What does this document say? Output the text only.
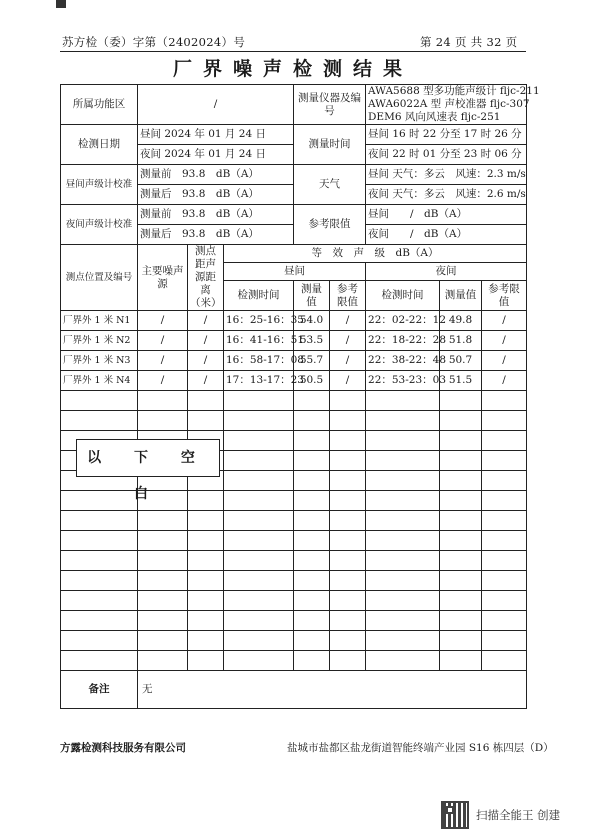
苏方检（委）字第（2402024）号	第 24 页 共 32 页
厂界噪声检测结果
所属功能区	/			测量仪器及编号		AWA5688 型多功能声级计 fljc-211
AWA6022A 型 声校准器 fljc-307
DEM6 风向风速表 fljc-251		

检测日期	昼间 2024 年 01 月 24 日			测量时间		昼间 16 时 22 分至 17 时 26 分		
	夜间 2024 年 01 月 24 日					夜间 22 时 01 分至 23 时 06 分		
昼间声级计校准	测量前　93.8　dB（A）			天气		昼间 天气：多云　风速：2.3 m/s		
	测量后　93.8　dB（A）					夜间 天气：多云　风速：2.6 m/s		
夜间声级计校准	测量前　93.8　dB（A）			参考限值		昼间　　/　dB（A）		
	测量后　93.8　dB（A）					夜间　　/　dB（A）		
测点位置及编号	主要噪声源	测点距声源距离（米）	等　效　声　级　dB（A）					
			昼间			夜间		
			检测时间	测量值	参考限值	检测时间	测量值	参考限值
厂界外 1 米 N1	/	/	16：25-16：35	54.0	/	22：02-22：12	49.8	/
厂界外 1 米 N2	/	/	16：41-16：51	53.5	/	22：18-22：28	51.8	/
厂界外 1 米 N3	/	/	16：58-17：08	55.7	/	22：38-22：48	50.7	/
厂界外 1 米 N4	/	/	17：13-17：23	50.5	/	22：53-23：03	51.5	/

备注	无							
以 下 空 白
方露检测科技服务有限公司	盐城市盐都区盐龙街道智能终端产业园 S16 栋四层（D）
扫描全能王 创建
